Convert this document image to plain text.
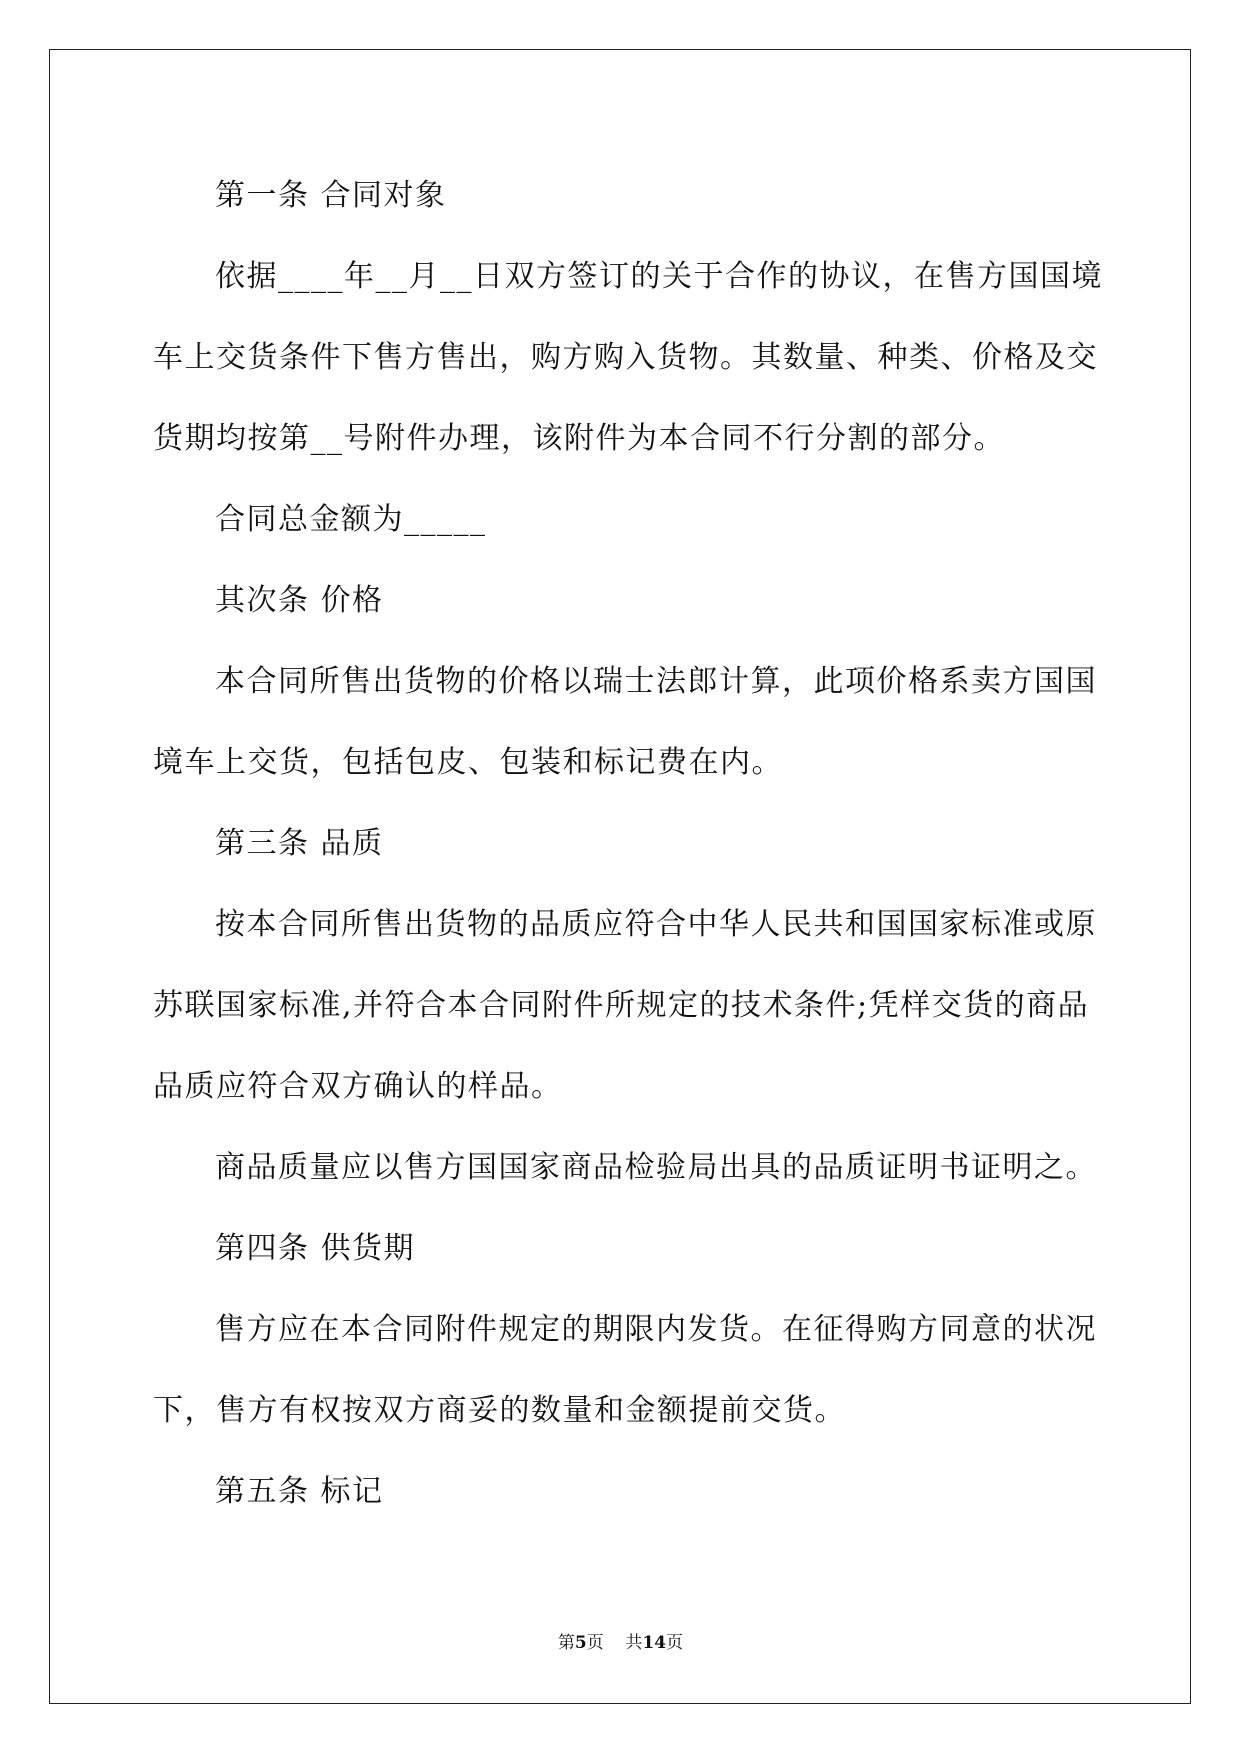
第一条 合同对象
依据____年__月__日双方签订的关于合作的协议，在售方国国境
车上交货条件下售方售出，购方购入货物。其数量、种类、价格及交
货期均按第__号附件办理，该附件为本合同不行分割的部分。
合同总金额为_____
其次条 价格
本合同所售出货物的价格以瑞士法郎计算，此项价格系卖方国国
境车上交货，包括包皮、包装和标记费在内。
第三条 品质
按本合同所售出货物的品质应符合中华人民共和国国家标准或原
苏联国家标准,并符合本合同附件所规定的技术条件;凭样交货的商品
品质应符合双方确认的样品。
商品质量应以售方国国家商品检验局出具的品质证明书证明之。
第四条 供货期
售方应在本合同附件规定的期限内发货。在征得购方同意的状况
下，售方有权按双方商妥的数量和金额提前交货。
第五条 标记
第5页 共14页
